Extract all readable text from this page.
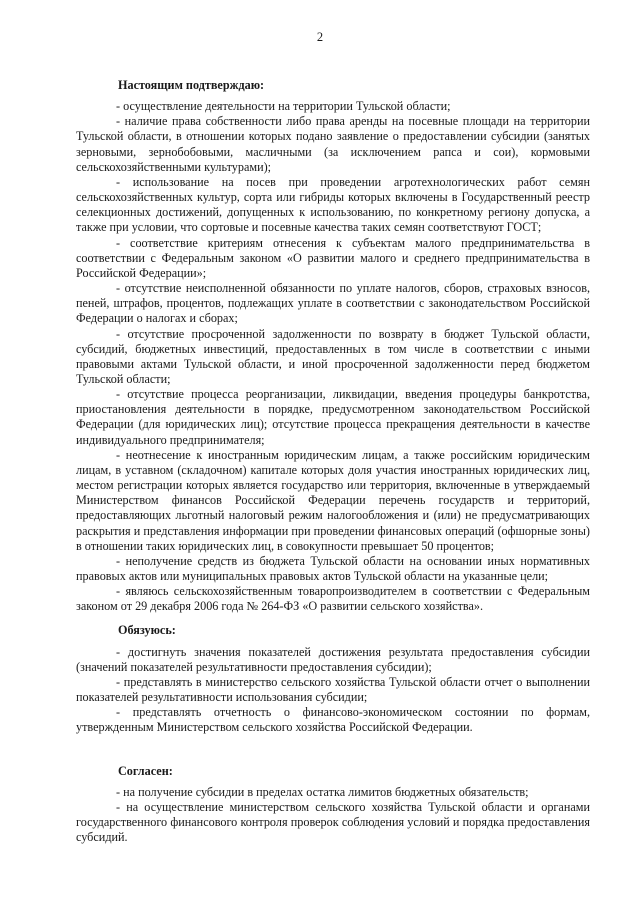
2
Настоящим подтверждаю:

- осуществление деятельности на территории Тульской области;

- наличие права собственности либо права аренды на посевные площади на территории Тульской области, в отношении которых подано заявление о предоставлении субсидии (занятых зерновыми, зернобобовыми, масличными (за исключением рапса и сои), кормовыми сельскохозяйственными культурами);

- использование на посев при проведении агротехнологических работ семян сельскохозяйственных культур, сорта или гибриды которых включены в Государственный реестр селекционных достижений, допущенных к использованию, по конкретному региону допуска, а также при условии, что сортовые и посевные качества таких семян соответствуют ГОСТ;

- соответствие критериям отнесения к субъектам малого предпринимательства в соответствии с Федеральным законом «О развитии малого и среднего предпринимательства в Российской Федерации»;

- отсутствие неисполненной обязанности по уплате налогов, сборов, страховых взносов, пеней, штрафов, процентов, подлежащих уплате в соответствии с законодательством Российской Федерации о налогах и сборах;

- отсутствие просроченной задолженности по возврату в бюджет Тульской области, субсидий, бюджетных инвестиций, предоставленных в том числе в соответствии с иными правовыми актами Тульской области, и иной просроченной задолженности перед бюджетом Тульской области;

- отсутствие процесса реорганизации, ликвидации, введения процедуры банкротства, приостановления деятельности в порядке, предусмотренном законодательством Российской Федерации (для юридических лиц); отсутствие процесса прекращения деятельности в качестве индивидуального предпринимателя;

- неотнесение к иностранным юридическим лицам, а также российским юридическим лицам, в уставном (складочном) капитале которых доля участия иностранных юридических лиц, местом регистрации которых является государство или территория, включенные в утверждаемый Министерством финансов Российской Федерации перечень государств и территорий, предоставляющих льготный налоговый режим налогообложения и (или) не предусматривающих раскрытия и представления информации при проведении финансовых операций (офшорные зоны) в отношении таких юридических лиц, в совокупности превышает 50 процентов;

- неполучение средств из бюджета Тульской области на основании иных нормативных правовых актов или муниципальных правовых актов Тульской области на указанные цели;

- являюсь сельскохозяйственным товаропроизводителем в соответствии с Федеральным законом от 29 декабря 2006 года № 264-ФЗ «О развитии сельского хозяйства».

Обязуюсь:

- достигнуть значения показателей достижения результата предоставления субсидии (значений показателей результативности предоставления субсидии);

- представлять в министерство сельского хозяйства Тульской области отчет о выполнении показателей результативности использования субсидии;

- представлять отчетность о финансово-экономическом состоянии по формам, утвержденным Министерством сельского хозяйства Российской Федерации.

Согласен:

- на получение субсидии в пределах остатка лимитов бюджетных обязательств;

- на осуществление министерством сельского хозяйства Тульской области и органами государственного финансового контроля проверок соблюдения условий и порядка предоставления субсидий.
